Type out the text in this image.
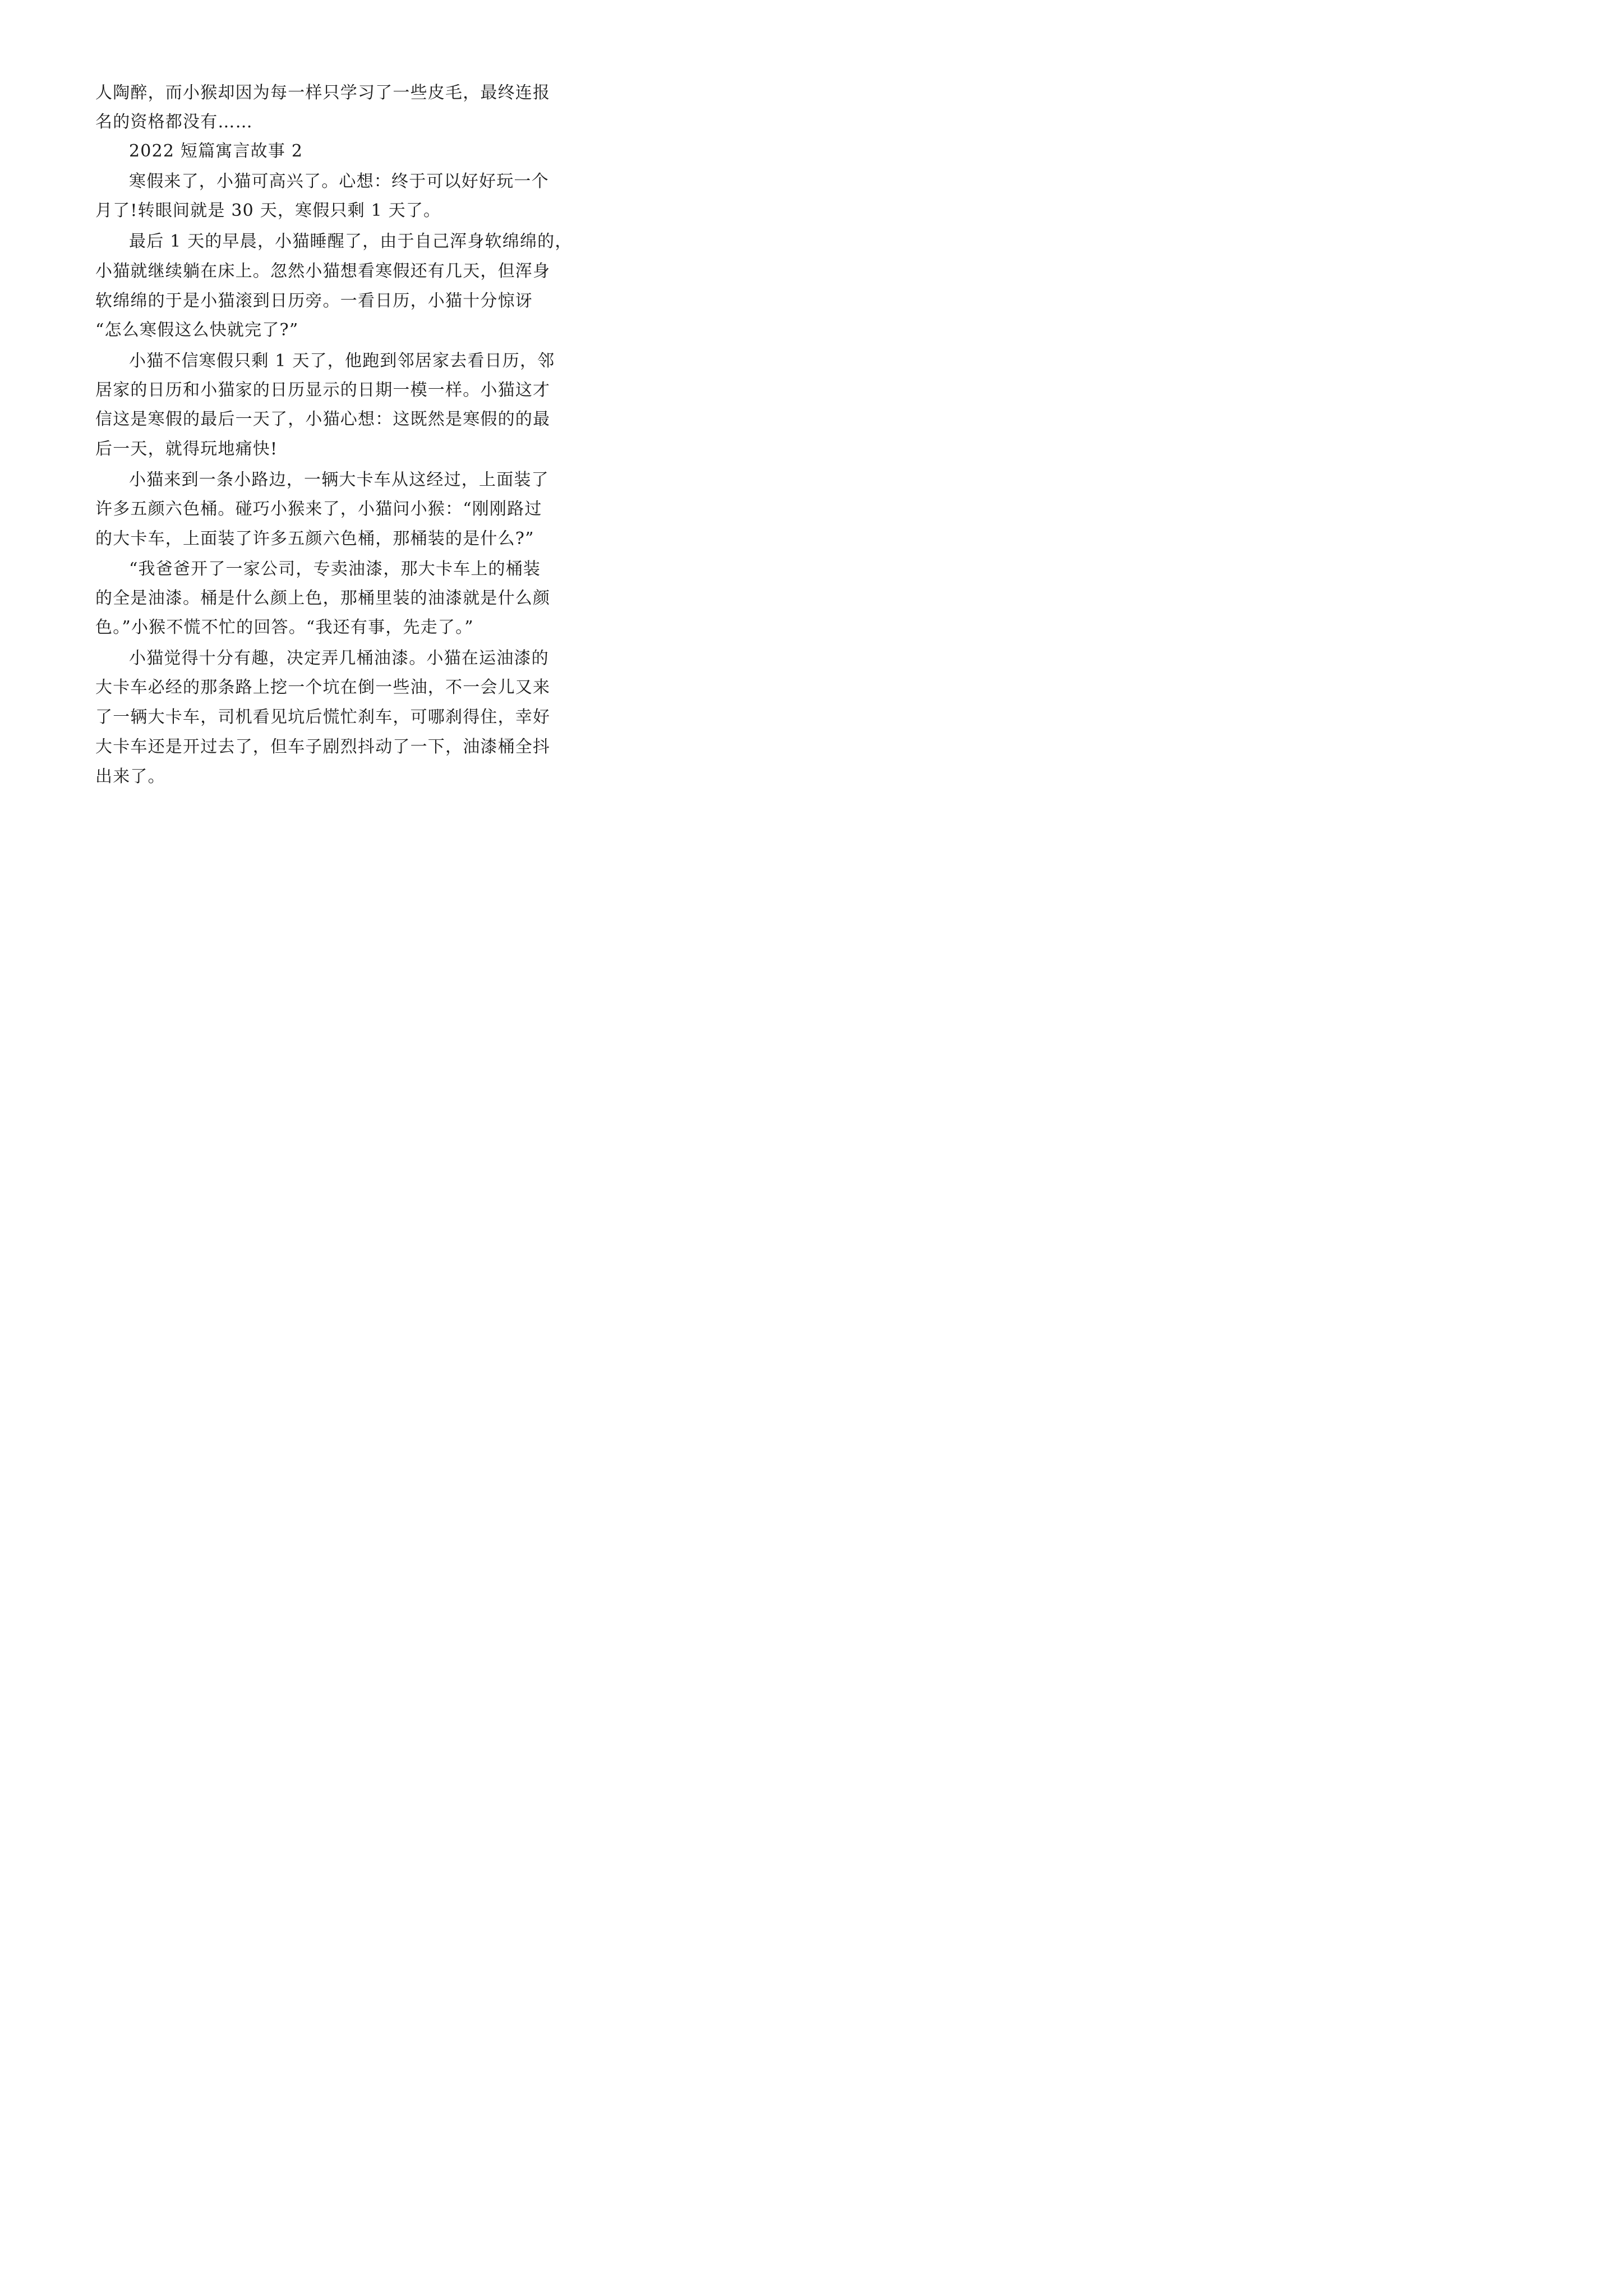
人陶醉，而小猴却因为每一样只学习了一些皮毛，最终连报

名的资格都没有……

2022 短篇寓言故事 2

寒假来了，小猫可高兴了。心想：终于可以好好玩一个

月了!转眼间就是 30 天，寒假只剩 1 天了。

最后 1 天的早晨，小猫睡醒了，由于自己浑身软绵绵的，

小猫就继续躺在床上。忽然小猫想看寒假还有几天，但浑身

软绵绵的于是小猫滚到日历旁。一看日历，小猫十分惊讶

“怎么寒假这么快就完了?”

小猫不信寒假只剩 1 天了，他跑到邻居家去看日历，邻

居家的日历和小猫家的日历显示的日期一模一样。小猫这才

信这是寒假的最后一天了，小猫心想：这既然是寒假的的最

后一天，就得玩地痛快!

小猫来到一条小路边，一辆大卡车从这经过，上面装了

许多五颜六色桶。碰巧小猴来了，小猫问小猴：“刚刚路过

的大卡车，上面装了许多五颜六色桶，那桶装的是什么?”

“我爸爸开了一家公司，专卖油漆，那大卡车上的桶装

的全是油漆。桶是什么颜上色，那桶里装的油漆就是什么颜

色。”小猴不慌不忙的回答。“我还有事，先走了。”

小猫觉得十分有趣，决定弄几桶油漆。小猫在运油漆的

大卡车必经的那条路上挖一个坑在倒一些油，不一会儿又来

了一辆大卡车，司机看见坑后慌忙刹车，可哪刹得住，幸好

大卡车还是开过去了，但车子剧烈抖动了一下，油漆桶全抖

出来了。
